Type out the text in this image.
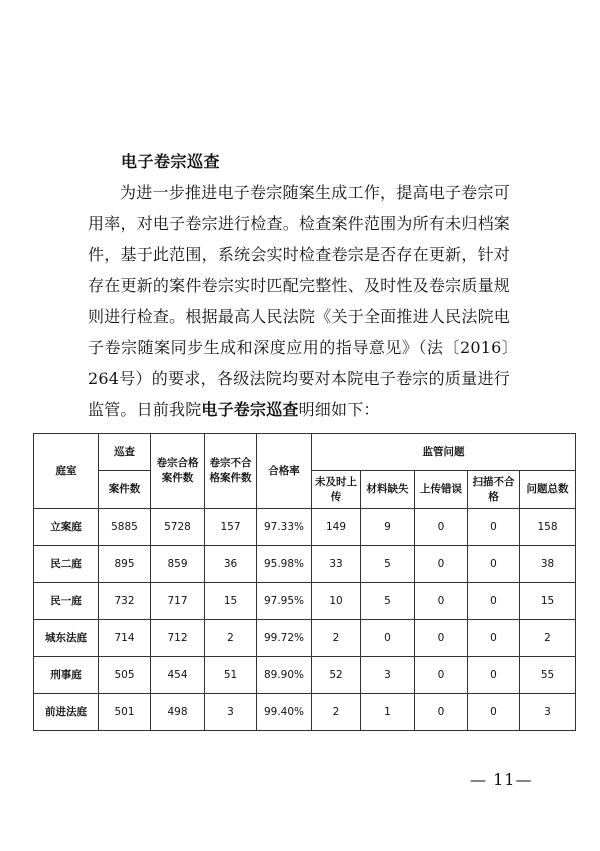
电子卷宗巡查

为进一步推进电子卷宗随案生成工作，提高电子卷宗可用率，对电子卷宗进行检查。检查案件范围为所有未归档案件，基于此范围，系统会实时检查卷宗是否存在更新，针对存在更新的案件卷宗实时匹配完整性、及时性及卷宗质量规则进行检查。根据最高人民法院《关于全面推进人民法院电子卷宗随案同步生成和深度应用的指导意见》（法〔2016〕264号）的要求，各级法院均要对本院电子卷宗的质量进行监管。日前我院电子卷宗巡查明细如下：

庭室	巡查	卷宗合格案件数	卷宗不合格案件数	合格率	监管问题				
	案件数				未及时上传	材料缺失	上传错误	扫描不合格	问题总数
立案庭	5885	5728	157	97.33%	149	9	0	0	158
民二庭	895	859	36	95.98%	33	5	0	0	38
民一庭	732	717	15	97.95%	10	5	0	0	15
城东法庭	714	712	2	99.72%	2	0	0	0	2
刑事庭	505	454	51	89.90%	52	3	0	0	55
前进法庭	501	498	3	99.40%	2	1	0	0	3
— 11—
